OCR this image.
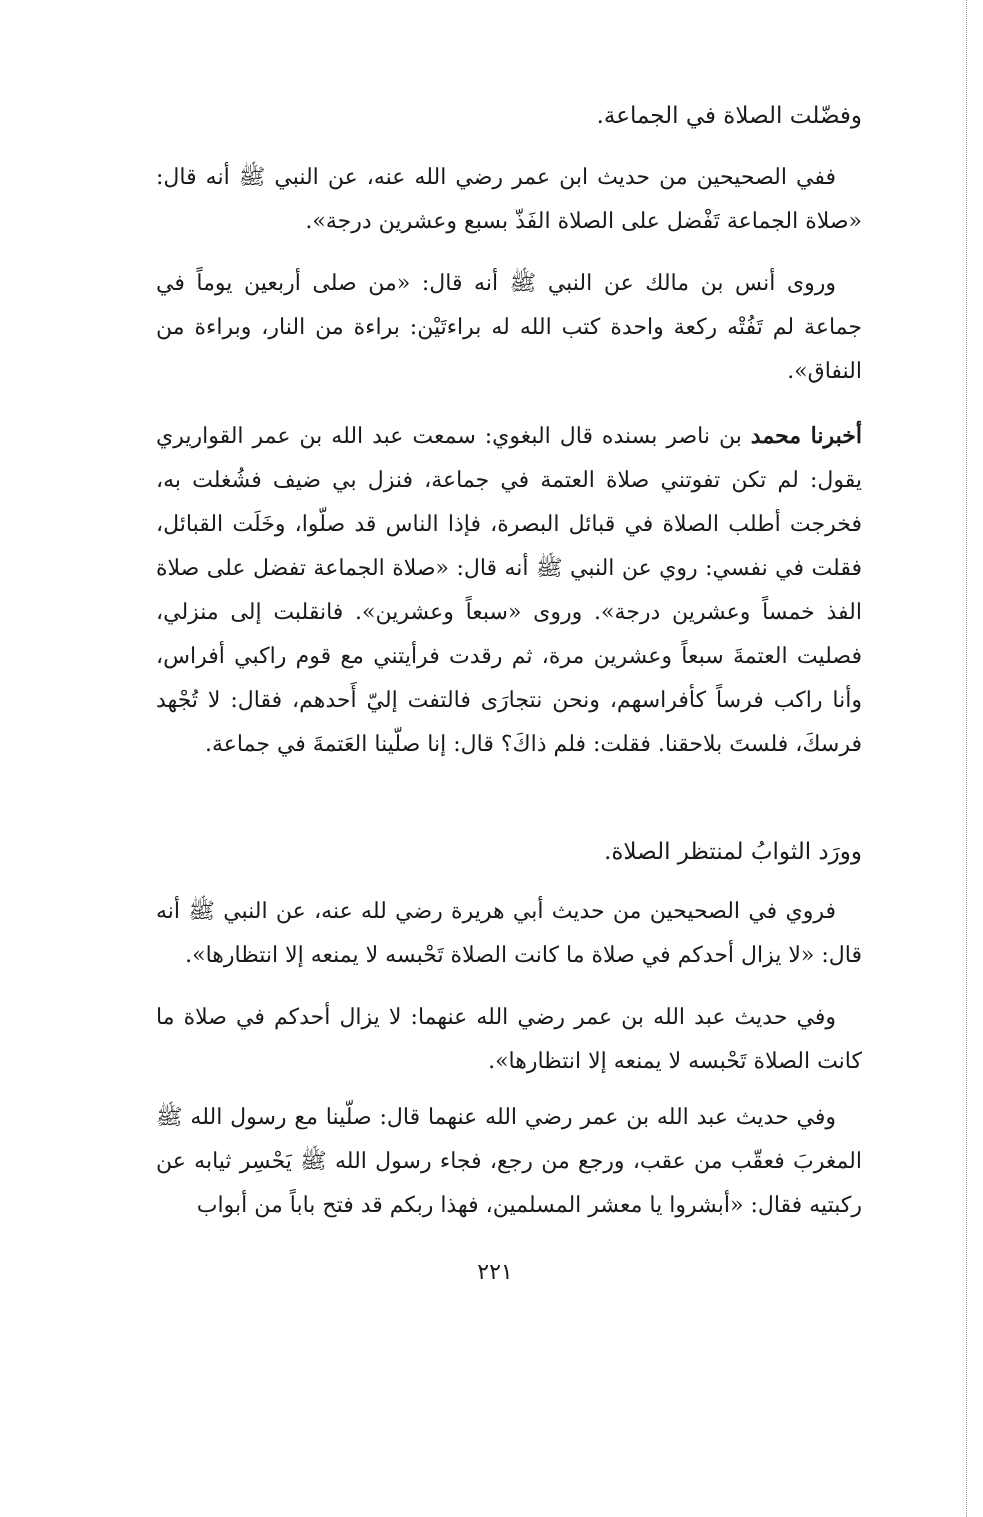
وفضّلت الصلاة في الجماعة.

ففي الصحيحين من حديث ابن عمر رضي الله عنه، عن النبي ﷺ أنه قال: «صلاة الجماعة تَفْضل على الصلاة الفَذّ بسبع وعشرين درجة».

وروى أنس بن مالك عن النبي ﷺ أنه قال: «من صلى أربعين يوماً في جماعة لم تَفُتْه ركعة واحدة كتب الله له براءتَيْن: براءة من النار، وبراءة من النفاق».

أخبرنا محمد بن ناصر بسنده قال البغوي: سمعت عبد الله بن عمر القواريري يقول: لم تكن تفوتني صلاة العتمة في جماعة، فنزل بي ضيف فشُغلت به، فخرجت أطلب الصلاة في قبائل البصرة، فإذا الناس قد صلّوا، وخَلَت القبائل، فقلت في نفسي: روي عن النبي ﷺ أنه قال: «صلاة الجماعة تفضل على صلاة الفذ خمساً وعشرين درجة». وروى «سبعاً وعشرين». فانقلبت إلى منزلي، فصليت العتمةَ سبعاً وعشرين مرة، ثم رقدت فرأيتني مع قوم راكبي أفراس، وأنا راكب فرساً كأفراسهم، ونحن نتجارَى فالتفت إليّ أَحدهم، فقال: لا تُجْهد فرسكَ، فلستَ بلاحقنا. فقلت: فلم ذاكَ؟ قال: إنا صلّينا العَتمةَ في جماعة.

وورَد الثوابُ لمنتظر الصلاة.

فروي في الصحيحين من حديث أبي هريرة رضي لله عنه، عن النبي ﷺ أنه قال: «لا يزال أحدكم في صلاة ما كانت الصلاة تَحْبسه لا يمنعه إلا انتظارها».

وفي حديث عبد الله بن عمر رضي الله عنهما: لا يزال أحدكم في صلاة ما كانت الصلاة تَحْبسه لا يمنعه إلا انتظارها».

وفي حديث عبد الله بن عمر رضي الله عنهما قال: صلّينا مع رسول الله ﷺ المغربَ فعقّب من عقب، ورجع من رجع، فجاء رسول الله ﷺ يَحْسِر ثيابه عن ركبتيه فقال: «أبشروا يا معشر المسلمين، فهذا ربكم قد فتح باباً من أبواب

٢٢١
